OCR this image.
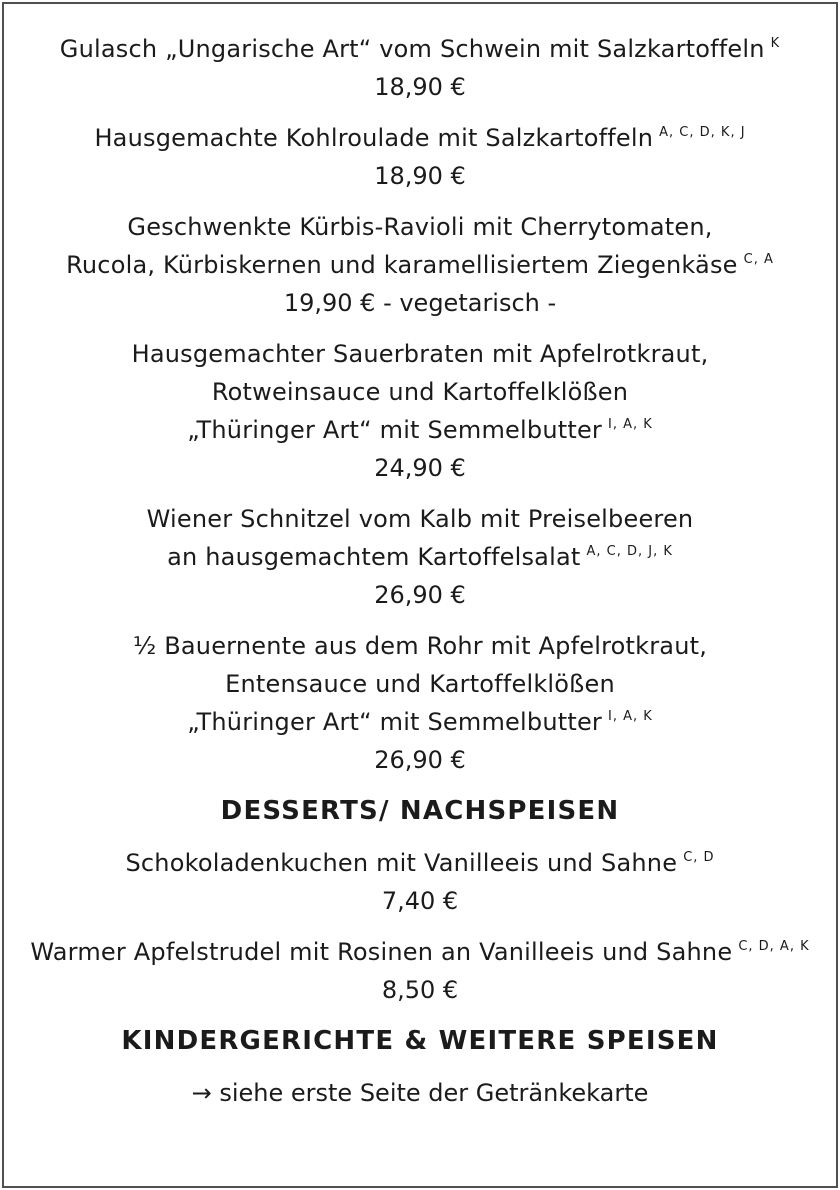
Gulasch „Ungarische Art“ vom Schwein mit Salzkartoffeln $^K$

18,90 €

Hausgemachte Kohlroulade mit Salzkartoffeln $^{A, C, D, K, J}$

18,90 €

Geschwenkte Kürbis-Ravioli mit Cherrytomaten,

Rucola, Kürbiskernen und karamellisiertem Ziegenkäse $^{C, A}$

19,90 € - vegetarisch -

Hausgemachter Sauerbraten mit Apfelrotkraut,

Rotweinsauce und Kartoffelklößen

„Thüringer Art“ mit Semmelbutter $^{I, A, K}$

24,90 €

Wiener Schnitzel vom Kalb mit Preiselbeeren

an hausgemachtem Kartoffelsalat $^{A, C, D, J, K}$

26,90 €

½ Bauernente aus dem Rohr mit Apfelrotkraut,

Entensauce und Kartoffelklößen

„Thüringer Art“ mit Semmelbutter $^{I, A, K}$

26,90 €

DESSERTS/ NACHSPEISEN

Schokoladenkuchen mit Vanilleeis und Sahne $^{C, D}$

7,40 €

Warmer Apfelstrudel mit Rosinen an Vanilleeis und Sahne $^{C, D, A, K}$

8,50 €

KINDERGERICHTE & WEITERE SPEISEN

→ siehe erste Seite der Getränkekarte
